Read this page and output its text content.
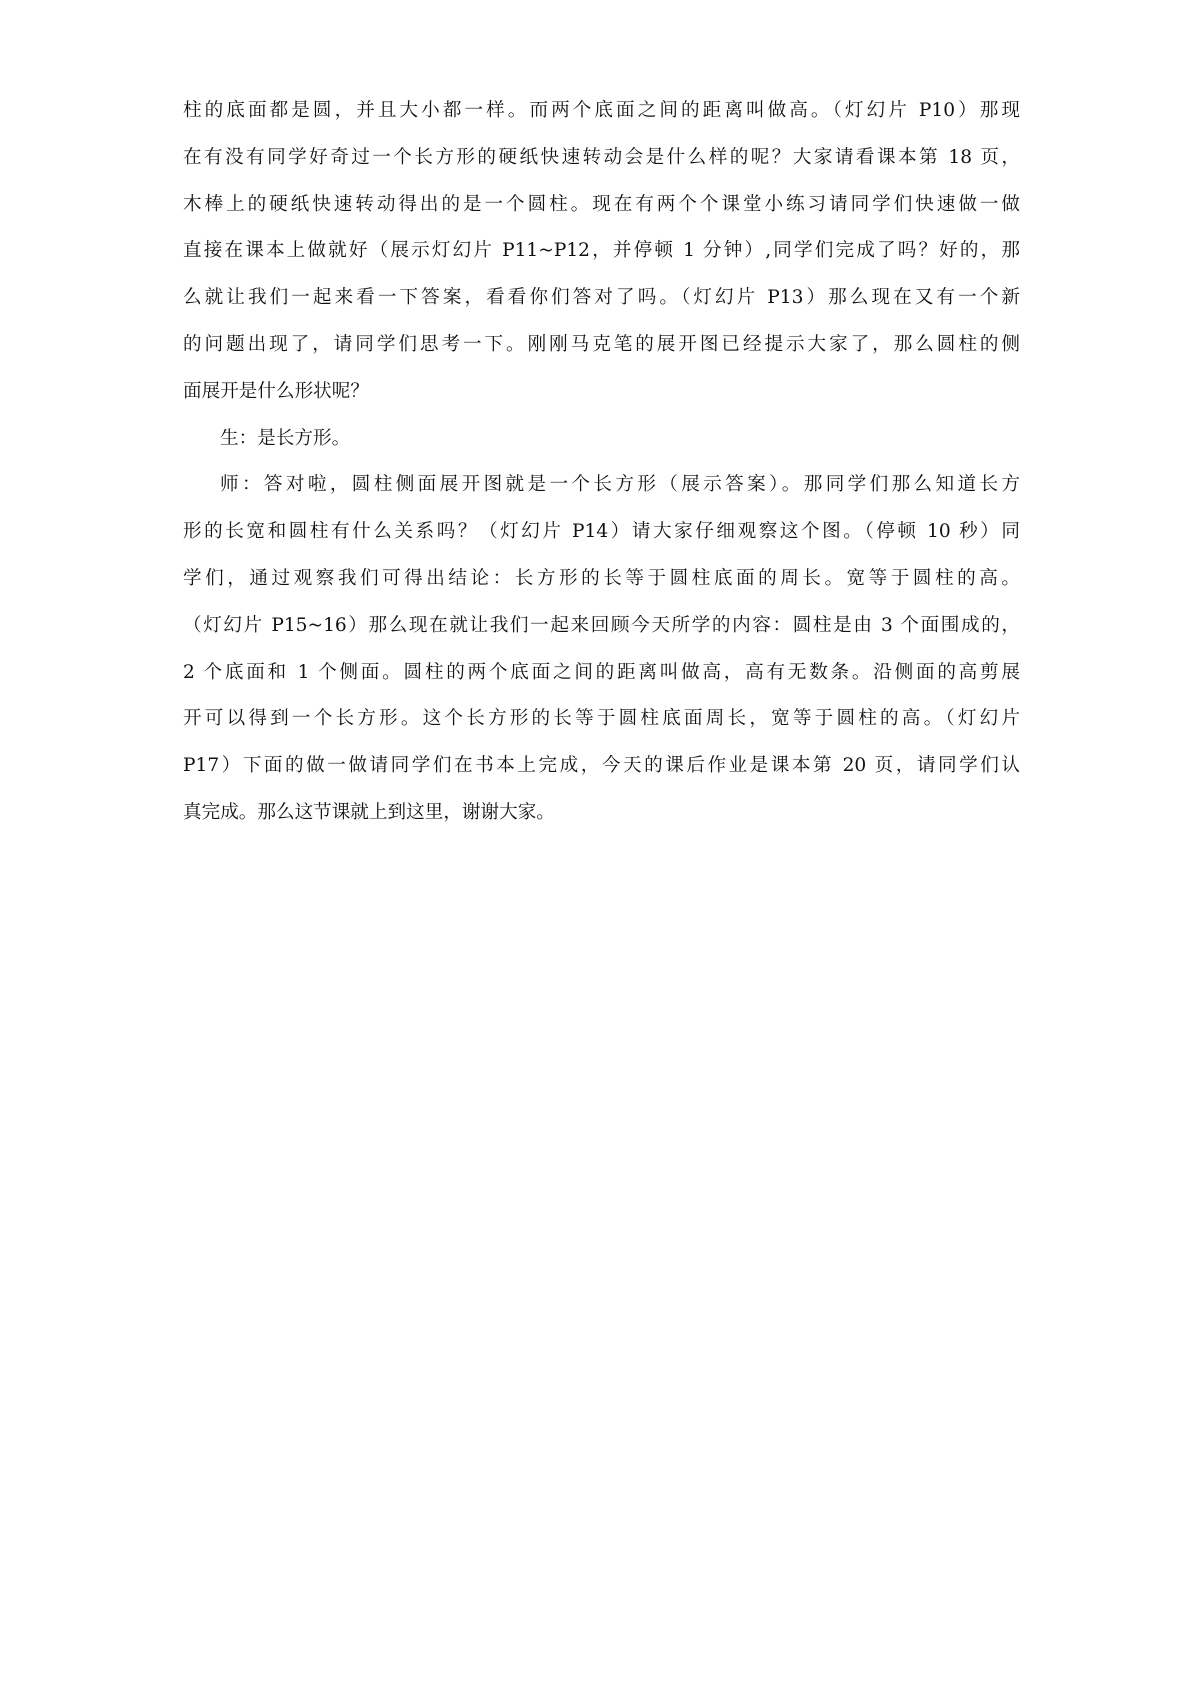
柱的底面都是圆，并且大小都一样。而两个底面之间的距离叫做高。（灯幻片 P10）那现
在有没有同学好奇过一个长方形的硬纸快速转动会是什么样的呢？大家请看课本第 18 页，
木棒上的硬纸快速转动得出的是一个圆柱。现在有两个个课堂小练习请同学们快速做一做
直接在课本上做就好（展示灯幻片 P11~P12，并停顿 1 分钟）,同学们完成了吗？好的，那
么就让我们一起来看一下答案，看看你们答对了吗。（灯幻片 P13）那么现在又有一个新
的问题出现了，请同学们思考一下。刚刚马克笔的展开图已经提示大家了，那么圆柱的侧
面展开是什么形状呢？
生：是长方形。
师：答对啦，圆柱侧面展开图就是一个长方形（展示答案）。那同学们那么知道长方
形的长宽和圆柱有什么关系吗？（灯幻片 P14）请大家仔细观察这个图。（停顿 10 秒）同
学们，通过观察我们可得出结论：长方形的长等于圆柱底面的周长。宽等于圆柱的高。
（灯幻片 P15~16）那么现在就让我们一起来回顾今天所学的内容：圆柱是由 3 个面围成的，
2 个底面和 1 个侧面。圆柱的两个底面之间的距离叫做高，高有无数条。沿侧面的高剪展
开可以得到一个长方形。这个长方形的长等于圆柱底面周长，宽等于圆柱的高。（灯幻片
P17）下面的做一做请同学们在书本上完成，今天的课后作业是课本第 20 页，请同学们认
真完成。那么这节课就上到这里，谢谢大家。
